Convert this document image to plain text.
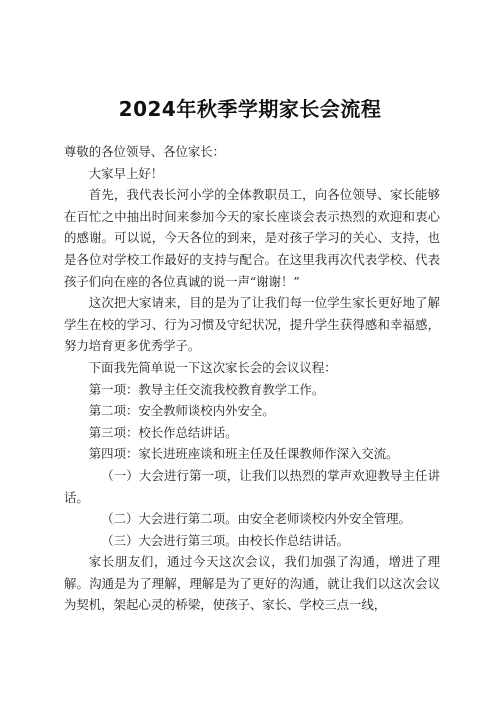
2024年秋季学期家长会流程

尊敬的各位领导、各位家长：

大家早上好！

首先，我代表长河小学的全体教职员工，向各位领导、家长能够在百忙之中抽出时间来参加今天的家长座谈会表示热烈的欢迎和衷心的感谢。可以说，今天各位的到来，是对孩子学习的关心、支持，也是各位对学校工作最好的支持与配合。在这里我再次代表学校、代表孩子们向在座的各位真诚的说一声“谢谢！”

这次把大家请来，目的是为了让我们每一位学生家长更好地了解学生在校的学习、行为习惯及守纪状况，提升学生获得感和幸福感，努力培育更多优秀学子。

下面我先简单说一下这次家长会的会议议程：

第一项：教导主任交流我校教育教学工作。

第二项：安全教师谈校内外安全。

第三项：校长作总结讲话。

第四项：家长进班座谈和班主任及任课教师作深入交流。

（一）大会进行第一项，让我们以热烈的掌声欢迎教导主任讲话。

（二）大会进行第二项。由安全老师谈校内外安全管理。

（三）大会进行第三项。由校长作总结讲话。

家长朋友们，通过今天这次会议，我们加强了沟通，增进了理解。沟通是为了理解，理解是为了更好的沟通，就让我们以这次会议为契机，架起心灵的桥梁，使孩子、家长、学校三点一线，
